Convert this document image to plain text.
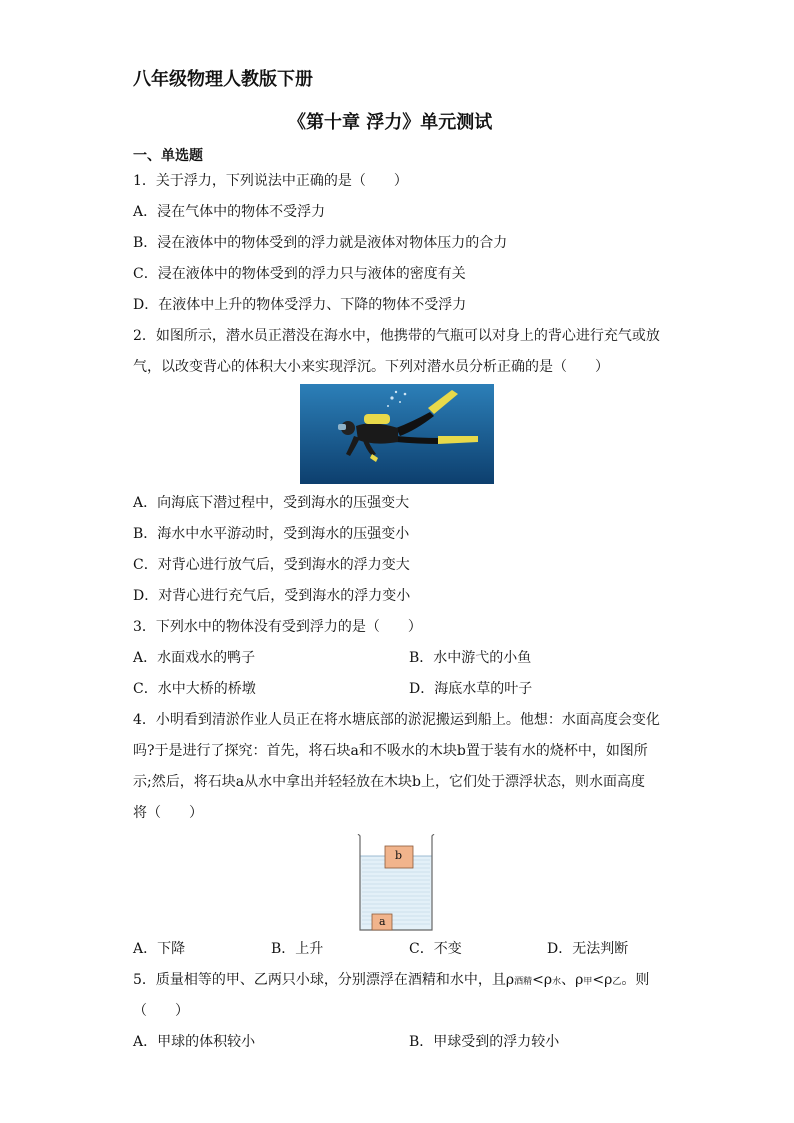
八年级物理人教版下册
《第十章 浮力》单元测试
一、单选题
1．关于浮力，下列说法中正确的是（　　）
A．浸在气体中的物体不受浮力
B．浸在液体中的物体受到的浮力就是液体对物体压力的合力
C．浸在液体中的物体受到的浮力只与液体的密度有关
D．在液体中上升的物体受浮力、下降的物体不受浮力
2．如图所示，潜水员正潜没在海水中，他携带的气瓶可以对身上的背心进行充气或放
气，以改变背心的体积大小来实现浮沉。下列对潜水员分析正确的是（　　）
A．向海底下潜过程中，受到海水的压强变大
B．海水中水平游动时，受到海水的压强变小
C．对背心进行放气后，受到海水的浮力变大
D．对背心进行充气后，受到海水的浮力变小
3．下列水中的物体没有受到浮力的是（　　）
A．水面戏水的鸭子	B．水中游弋的小鱼
C．水中大桥的桥墩	D．海底水草的叶子
4．小明看到清淤作业人员正在将水塘底部的淤泥搬运到船上。他想：水面高度会变化
吗?于是进行了探究：首先，将石块a和不吸水的木块b置于装有水的烧杯中，如图所
示;然后，将石块a从水中拿出并轻轻放在木块b上，它们处于漂浮状态，则水面高度
将（　　）
b
a
A．下降	B．上升	C．不变	D．无法判断
5．质量相等的甲、乙两只小球，分别漂浮在酒精和水中，且ρ酒精<ρ水、ρ甲<ρ乙。则
（　　）
A．甲球的体积较小	B．甲球受到的浮力较小
